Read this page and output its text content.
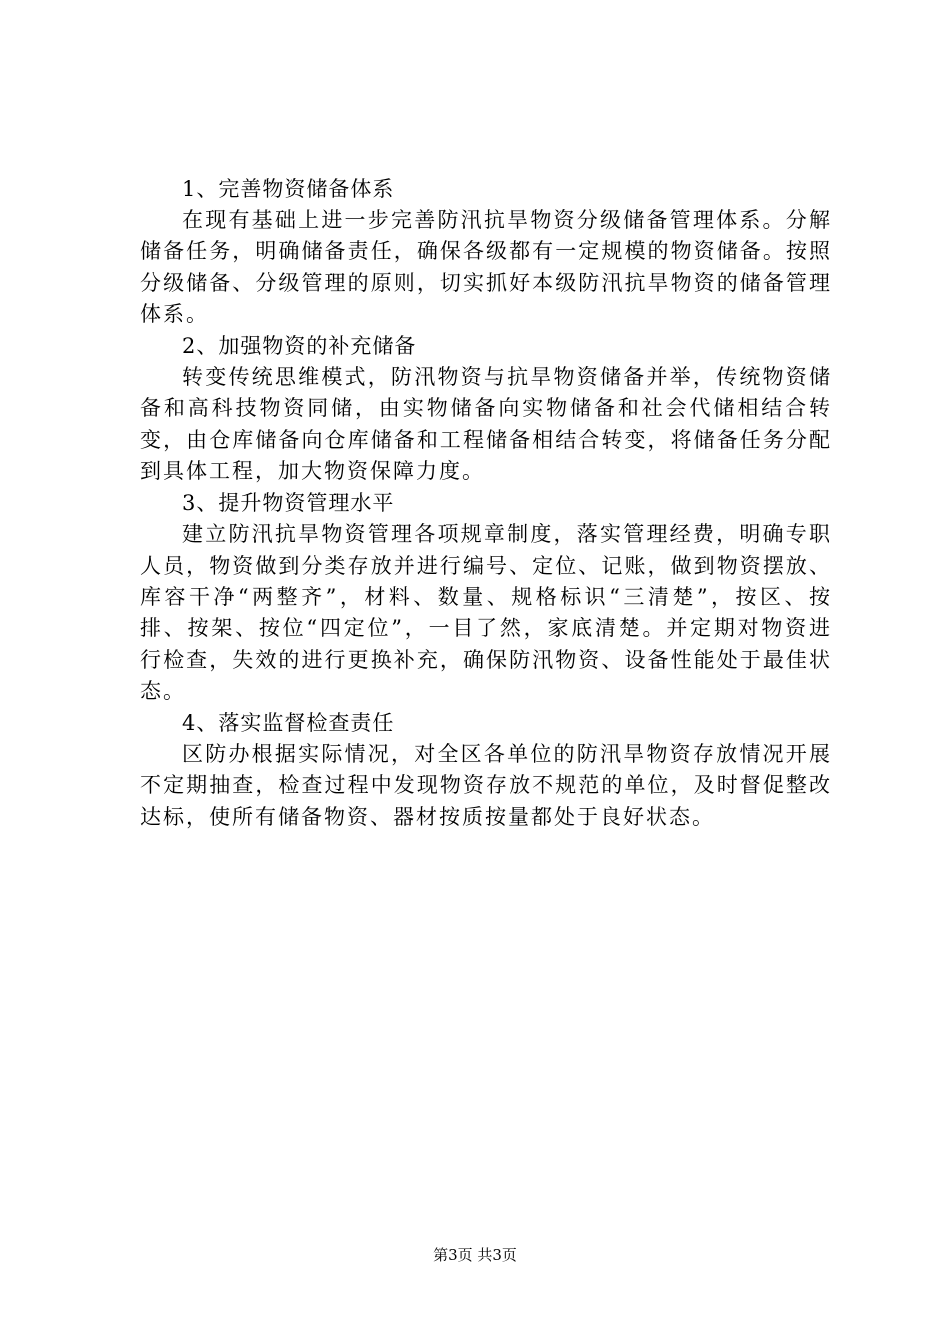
1、完善物资储备体系

在现有基础上进一步完善防汛抗旱物资分级储备管理体系。分解储备任务，明确储备责任，确保各级都有一定规模的物资储备。按照分级储备、分级管理的原则，切实抓好本级防汛抗旱物资的储备管理体系。

2、加强物资的补充储备

转变传统思维模式，防汛物资与抗旱物资储备并举，传统物资储备和高科技物资同储，由实物储备向实物储备和社会代储相结合转变，由仓库储备向仓库储备和工程储备相结合转变，将储备任务分配到具体工程，加大物资保障力度。

3、提升物资管理水平

建立防汛抗旱物资管理各项规章制度，落实管理经费，明确专职人员，物资做到分类存放并进行编号、定位、记账，做到物资摆放、库容干净“两整齐”，材料、数量、规格标识“三清楚”，按区、按排、按架、按位“四定位”，一目了然，家底清楚。并定期对物资进行检查，失效的进行更换补充，确保防汛物资、设备性能处于最佳状态。

4、落实监督检查责任

区防办根据实际情况，对全区各单位的防汛旱物资存放情况开展不定期抽查，检查过程中发现物资存放不规范的单位，及时督促整改达标，使所有储备物资、器材按质按量都处于良好状态。

第3页 共3页
